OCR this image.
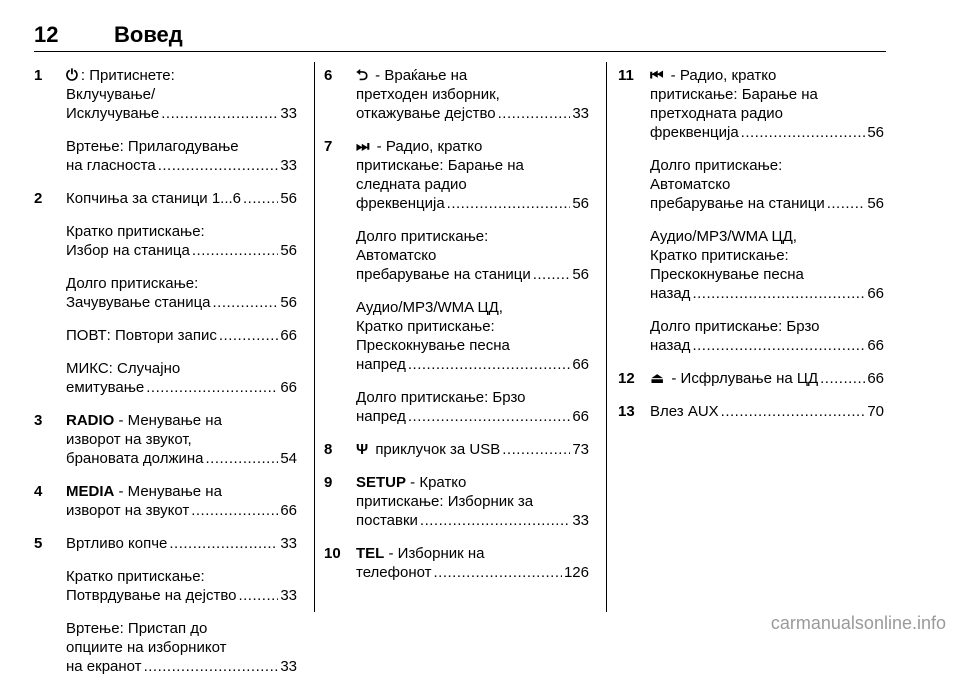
12	Вовед
1 ⏻ : Притиснете:
Вклучување/
Исклучување .....	33
Вртење: Прилагодување
на гласноста .....	33
2 Копчиња за станици 1...6 .....	56
Кратко притискање:
Избор на станица .....	56
Долго притискање:
Зачувување станица .....	56
ПОВТ: Повтори запис .....	66
МИКС: Случајно
емитување .....	66
3 RADIO - Менување на
изворот на звукот,
брановата должина .....	54
4 MEDIA - Менување на
изворот на звукот .....	66
5 Вртливо копче .....	33
Кратко притискање:
Потврдување на дејство .....	33
Вртење: Пристап до
опциите на изборникот
на екранот .....	33
6 ⮌ - Враќање на
претходен изборник,
откажување дејство .....	33
7 ⏭ - Радио, кратко
притискање: Барање на
следната радио
фреквенција .....	56
Долго притискање:
Автоматско
пребарување на станици .....	56
Аудио/MP3/WMA ЦД,
Кратко притискање:
Прескокнување песна
напред .....	66
Долго притискање: Брзо
напред .....	66
8 Ψ приклучок за USB .....	73
9 SETUP - Кратко
притискање: Изборник за
поставки .....	33
10 TEL - Изборник на
телефонот .....	126
11 ⏮ - Радио, кратко
притискање: Барање на
претходната радио
фреквенција .....	56
Долго притискање:
Автоматско
пребарување на станици .....	56
Аудио/MP3/WMA ЦД,
Кратко притискање:
Прескокнување песна
назад .....	66
Долго притискање: Брзо
назад .....	66
12 ⏏ - Исфрлување на ЦД .....	66
13 Влез AUX .....	70
carmanualsonline.info
